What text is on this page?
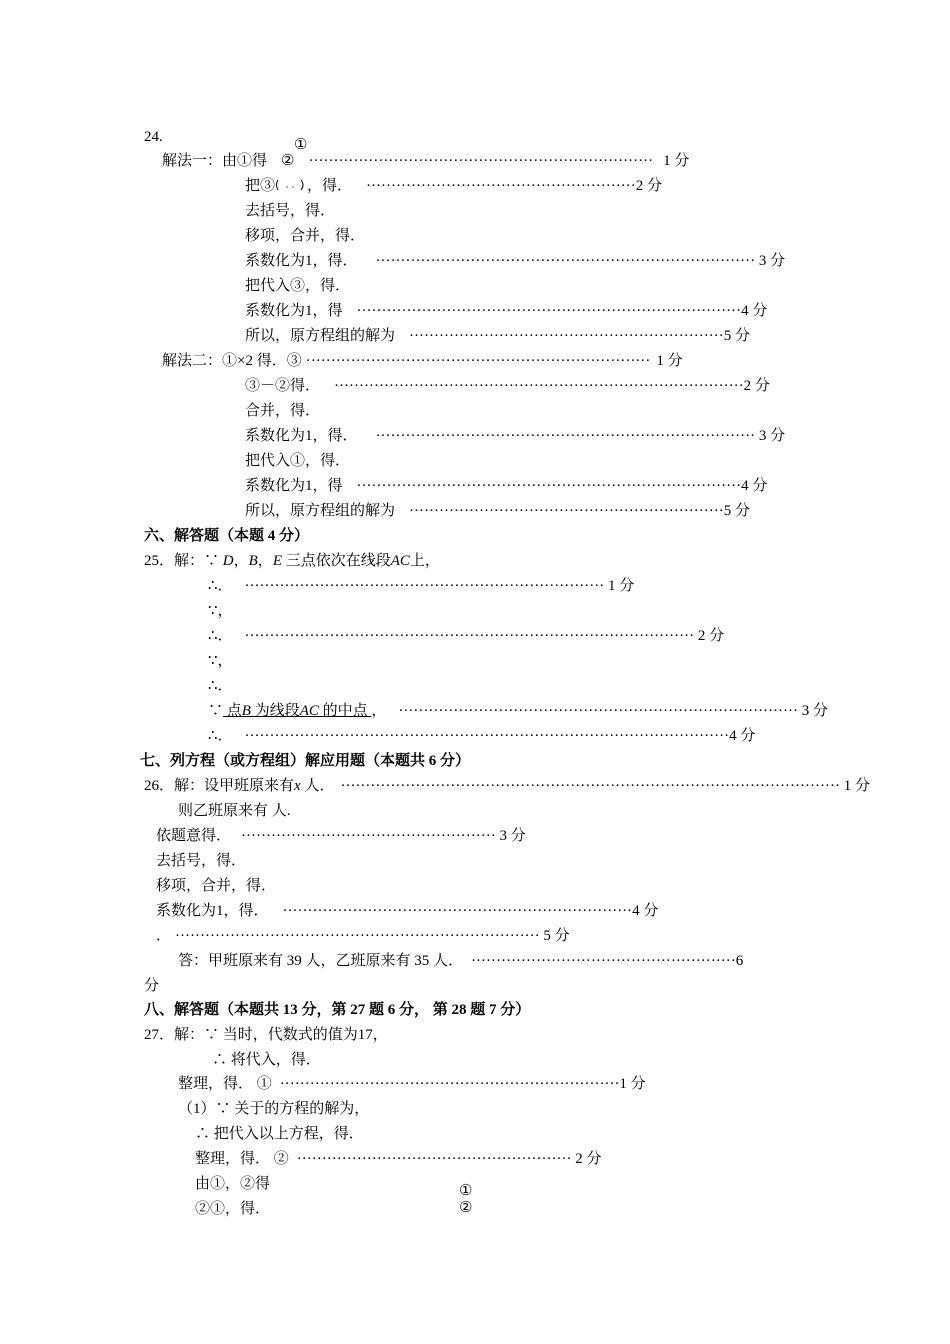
24.	①
解法一：由①得 ② ····································································· 1 分
把③ ，得． ······················································2 分
去括号，得．
移项，合并，得．
系数化为1，得． ············································································ 3 分
把代入③，得．
系数化为1，得 ·············································································4 分
所以，原方程组的解为 ·······························································5 分
解法二：①×2 得．③ ····································································· 1 分
③－②得． ··················································································2 分
合并，得．
系数化为1，得． ············································································ 3 分
把代入①，得．
系数化为1，得 ·············································································4 分
所以，原方程组的解为 ·······························································5 分
六、解答题（本题 4 分）
25．解：∵ D，B，E 三点依次在线段AC上，
∴． ········································································ 1 分
∵，
∴． ·························································································· 2 分
∵，
∴．
∵ 点B 为线段AC 的中点 ， ················································································ 3 分
∴． ·································································································4 分
七、列方程（或方程组）解应用题（本题共 6 分）
26．解：设甲班原来有x 人． ···································································································· 1 分
则乙班原来有 人.
依题意得． ··················································· 3 分
去括号，得．
移项，合并，得．
系数化为1，得． ······································································4 分
． ········································································· 5 分
答：甲班原来有 39 人，乙班原来有 35 人． ·····················································6
分
八、解答题（本题共 13 分，第 27 题 6 分， 第 28 题 7 分）
27．解：∵ 当时，代数式的值为17，
∴ 将代入，得．
整理，得． ① ····································································1 分
（1）∵ 关于的方程的解为，
∴ 把代入以上方程，得．
整理，得． ② ······················································· 2 分
由①，②得	①
②
②①，得．
